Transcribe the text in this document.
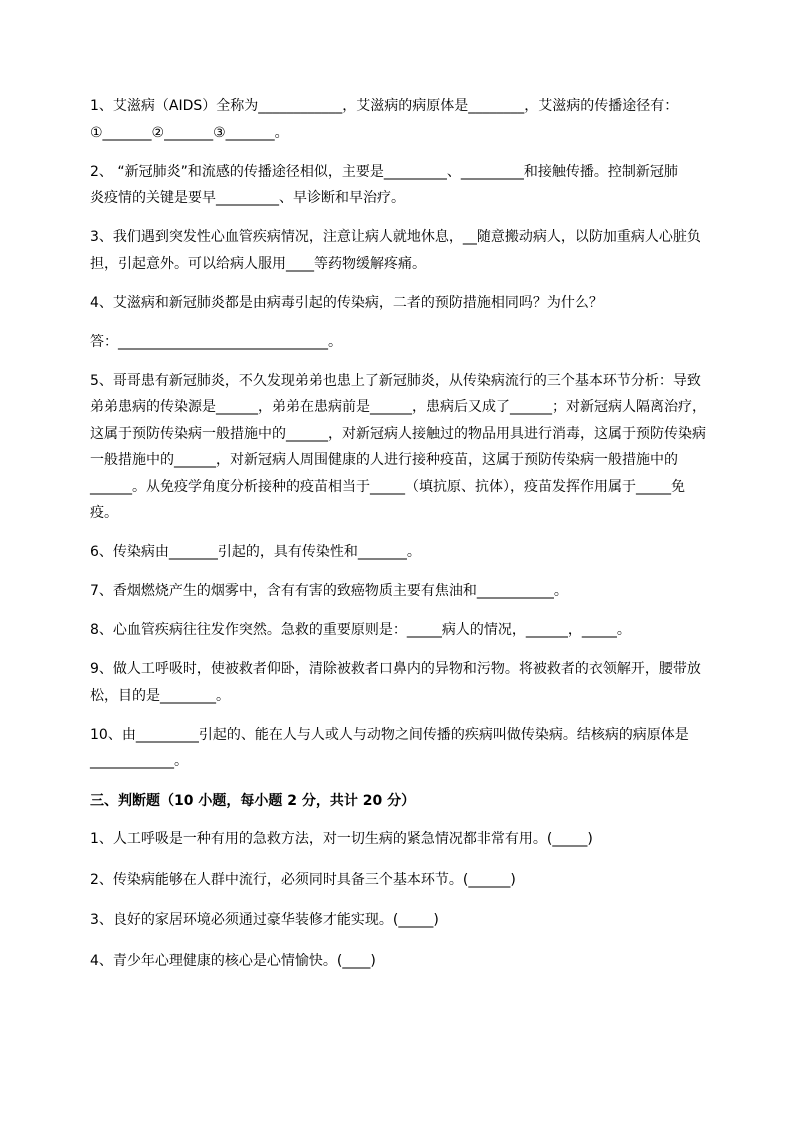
1、艾滋病（AIDS）全称为____________，艾滋病的病原体是________，艾滋病的传播途径有：
①_______②_______③_______。
2、 “新冠肺炎”和流感的传播途径相似，主要是_________、_________和接触传播。控制新冠肺
炎疫情的关键是要早_________、早诊断和早治疗。
3、我们遇到突发性心血管疾病情况，注意让病人就地休息，__随意搬动病人，以防加重病人心脏负
担，引起意外。可以给病人服用____等药物缓解疼痛。
4、艾滋病和新冠肺炎都是由病毒引起的传染病，二者的预防措施相同吗？为什么？
答：______________________________。
5、哥哥患有新冠肺炎，不久发现弟弟也患上了新冠肺炎，从传染病流行的三个基本环节分析：导致
弟弟患病的传染源是______，弟弟在患病前是______，患病后又成了______；对新冠病人隔离治疗，
这属于预防传染病一般措施中的______，对新冠病人接触过的物品用具进行消毒，这属于预防传染病
一般措施中的______，对新冠病人周围健康的人进行接种疫苗，这属于预防传染病一般措施中的
______。从免疫学角度分析接种的疫苗相当于_____（填抗原、抗体），疫苗发挥作用属于_____免
疫。
6、传染病由_______引起的，具有传染性和_______。
7、香烟燃烧产生的烟雾中，含有有害的致癌物质主要有焦油和___________。
8、心血管疾病往往发作突然。急救的重要原则是：_____病人的情况，______，_____。
9、做人工呼吸时，使被救者仰卧，清除被救者口鼻内的异物和污物。将被救者的衣领解开，腰带放
松，目的是________。
10、由_________引起的、能在人与人或人与动物之间传播的疾病叫做传染病。结核病的病原体是
____________。
三、判断题（10 小题，每小题 2 分，共计 20 分）
1、人工呼吸是一种有用的急救方法，对一切生病的紧急情况都非常有用。(_____)
2、传染病能够在人群中流行，必须同时具备三个基本环节。(______)
3、良好的家居环境必须通过豪华装修才能实现。(_____)
4、青少年心理健康的核心是心情愉快。(____)
